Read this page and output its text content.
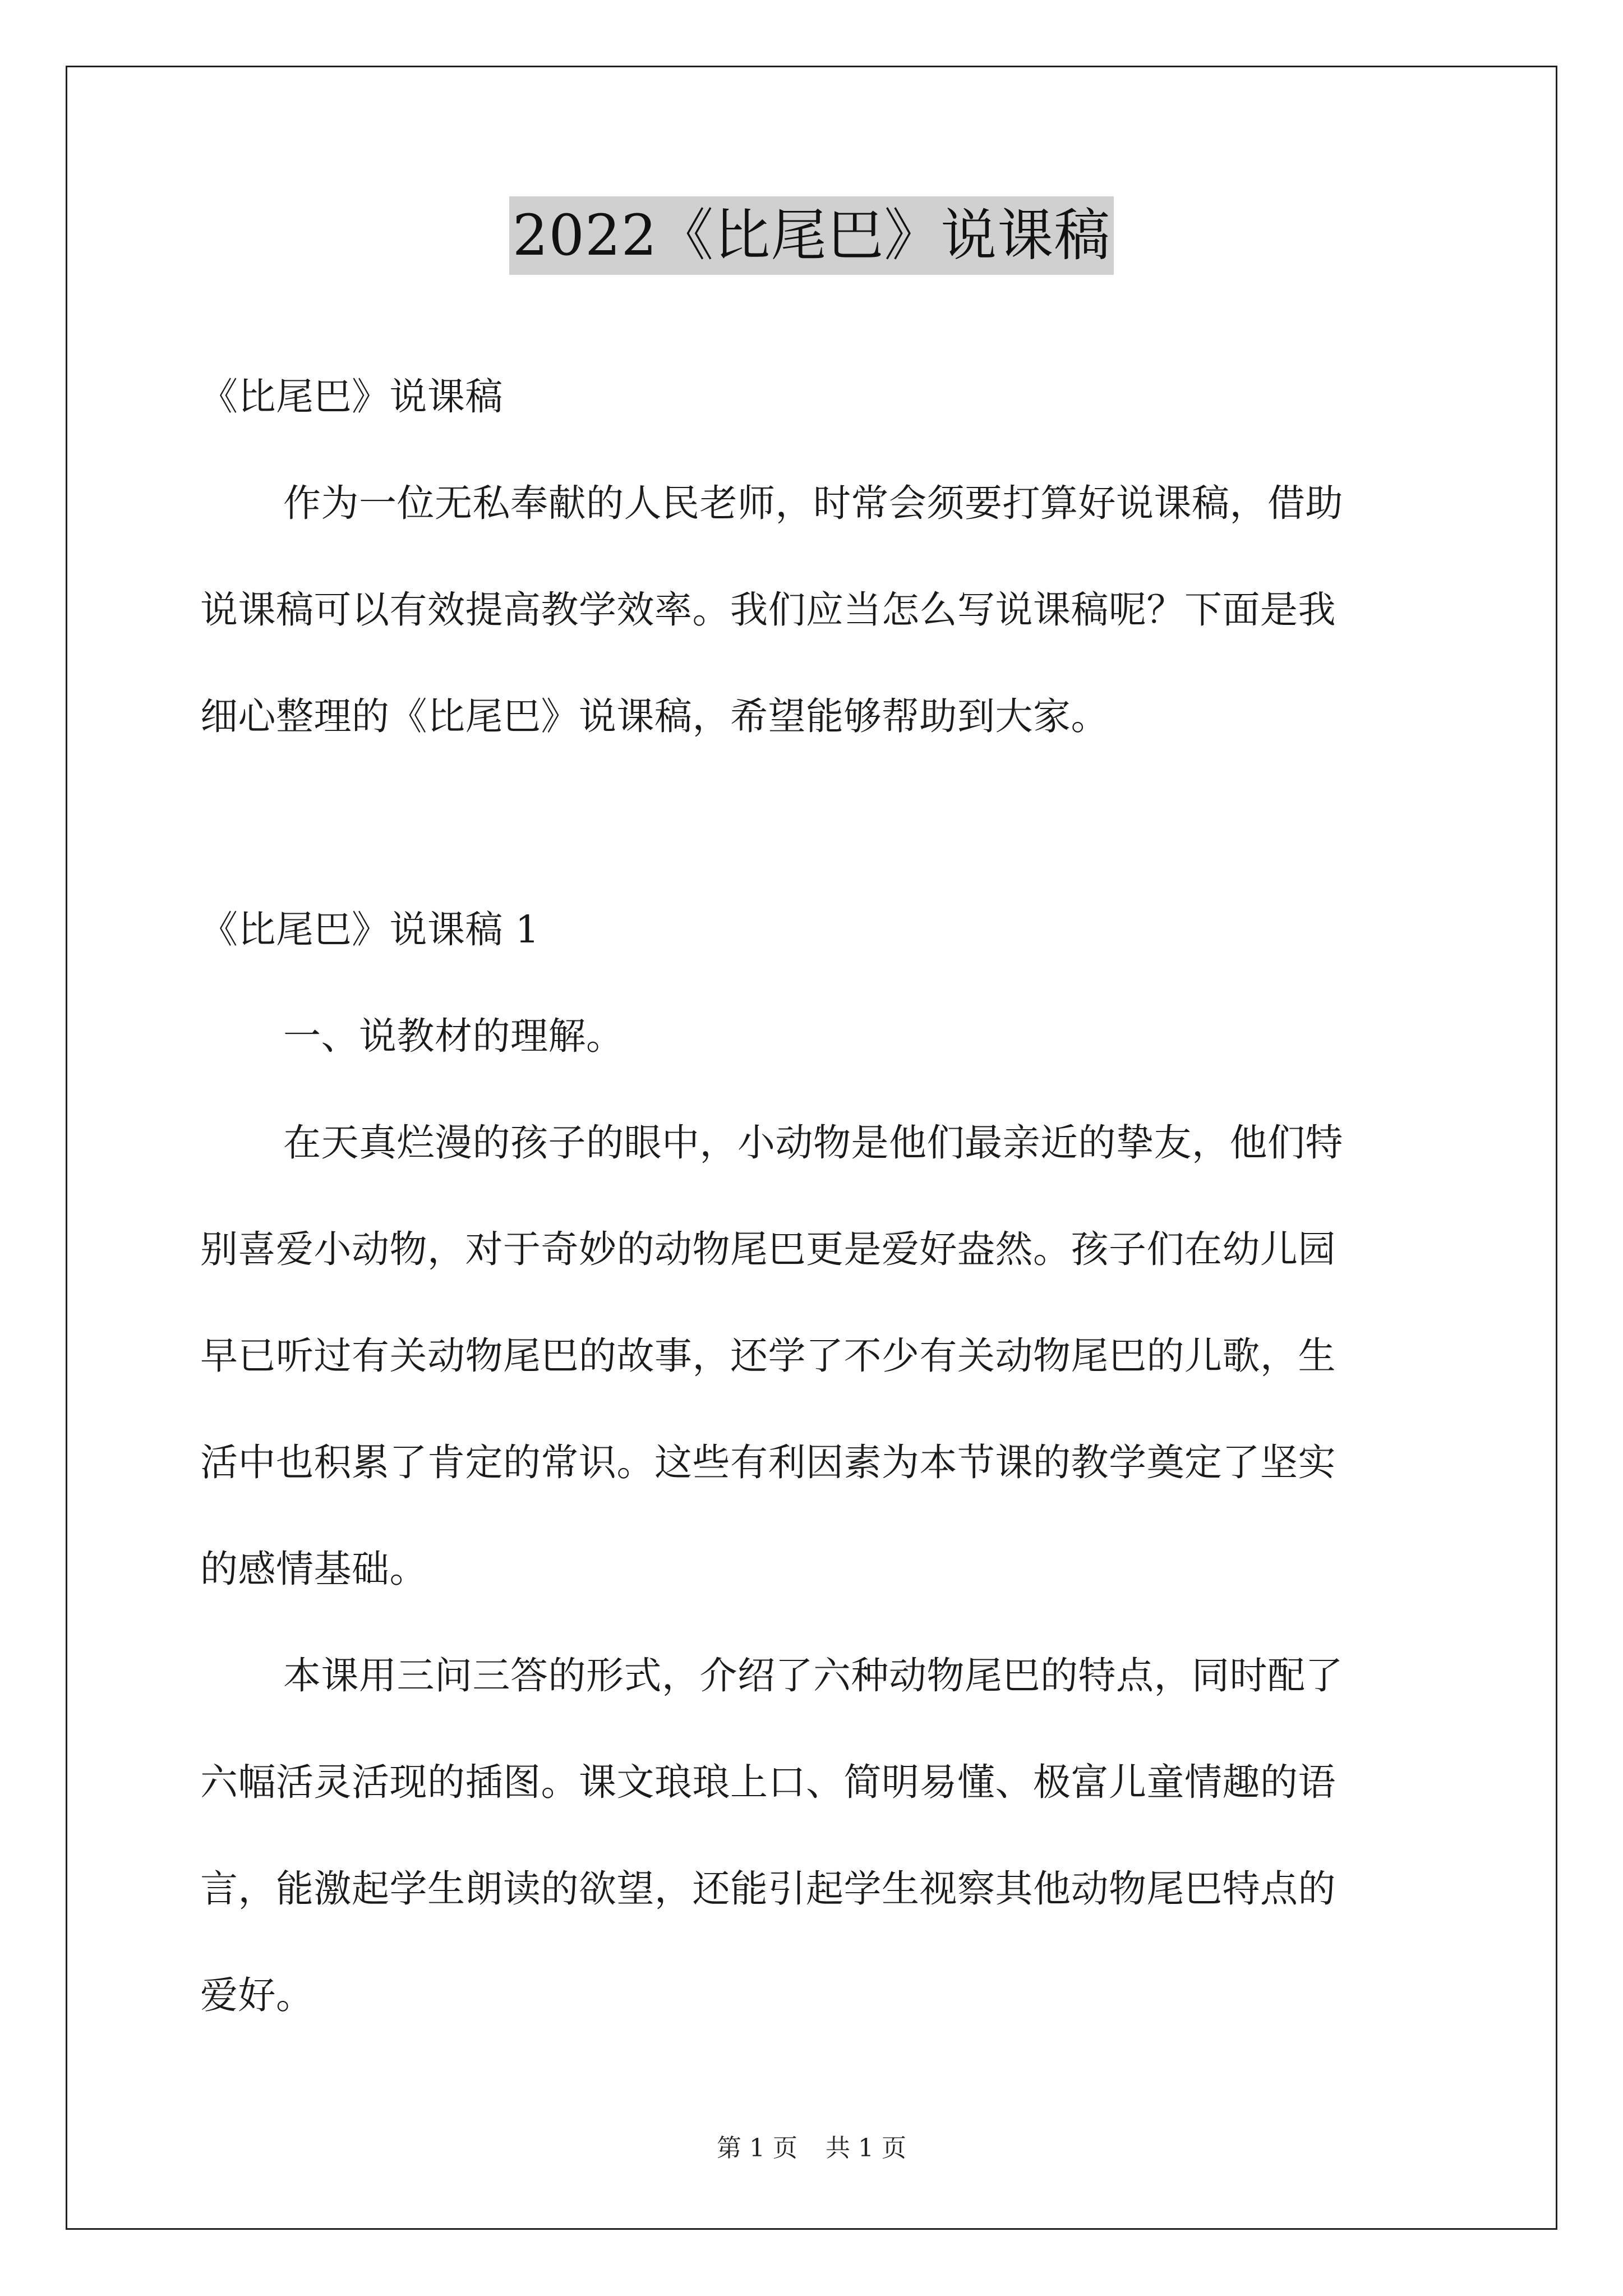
2022《比尾巴》说课稿

《比尾巴》说课稿

作为一位无私奉献的人民老师，时常会须要打算好说课稿，借助

说课稿可以有效提高教学效率。我们应当怎么写说课稿呢？下面是我

细心整理的《比尾巴》说课稿，希望能够帮助到大家。

《比尾巴》说课稿 1

一、说教材的理解。

在天真烂漫的孩子的眼中，小动物是他们最亲近的挚友，他们特

别喜爱小动物，对于奇妙的动物尾巴更是爱好盎然。孩子们在幼儿园

早已听过有关动物尾巴的故事，还学了不少有关动物尾巴的儿歌，生

活中也积累了肯定的常识。这些有利因素为本节课的教学奠定了坚实

的感情基础。

本课用三问三答的形式，介绍了六种动物尾巴的特点，同时配了

六幅活灵活现的插图。课文琅琅上口、简明易懂、极富儿童情趣的语

言，能激起学生朗读的欲望，还能引起学生视察其他动物尾巴特点的

爱好。

第 1 页 共 1 页
